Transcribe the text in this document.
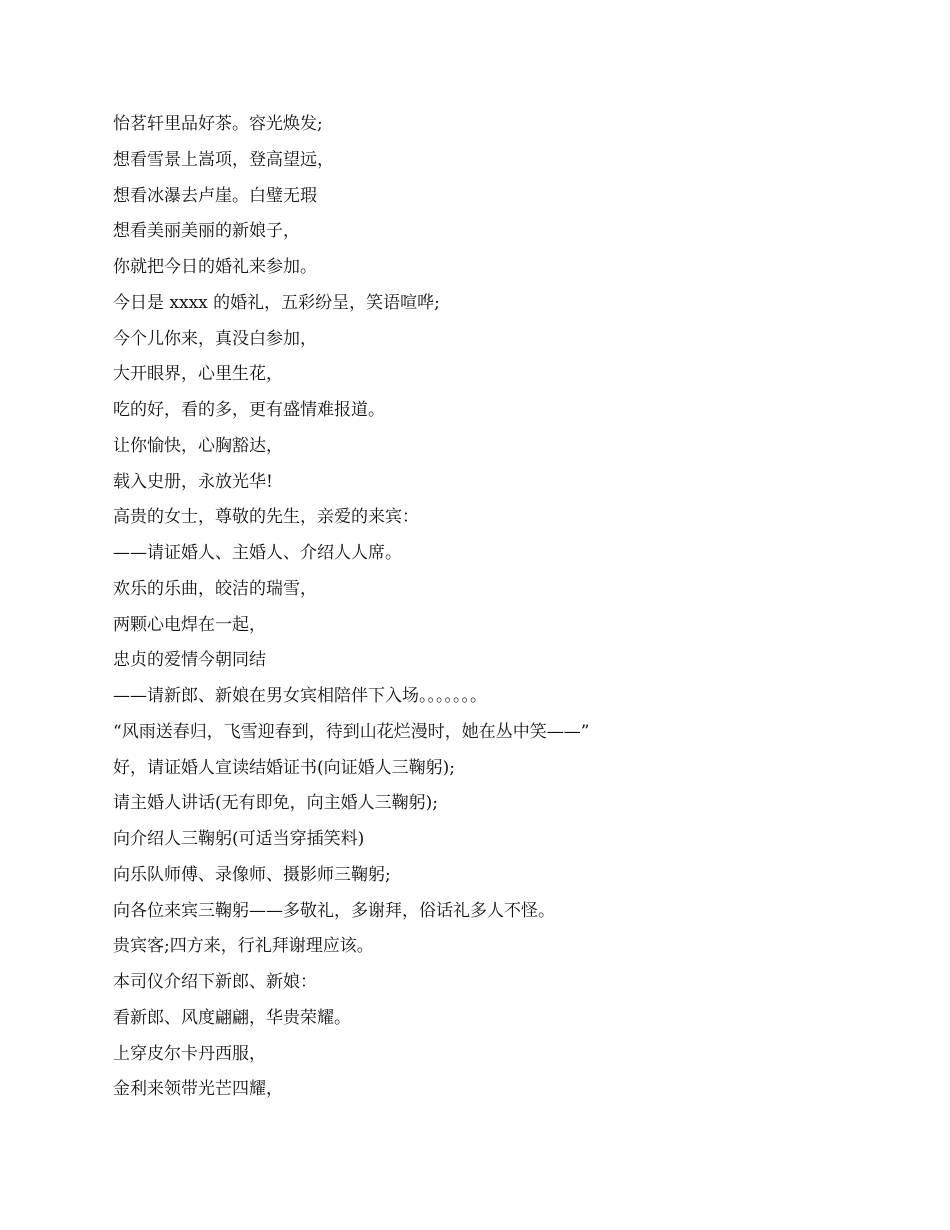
怡茗轩里品好茶。容光焕发;
想看雪景上嵩项，登高望远，
想看冰瀑去卢崖。白璧无瑕
想看美丽美丽的新娘子，
你就把今日的婚礼来参加。
今日是 xxxx 的婚礼，五彩纷呈，笑语喧哗;
今个儿你来，真没白参加，
大开眼界，心里生花，
吃的好，看的多，更有盛情难报道。
让你愉快，心胸豁达，
载入史册，永放光华!
高贵的女士，尊敬的先生，亲爱的来宾：
——请证婚人、主婚人、介绍人人席。
欢乐的乐曲，皎洁的瑞雪，
两颗心电焊在一起，
忠贞的爱情今朝同结
——请新郎、新娘在男女宾相陪伴下入场。。。。。。。
“风雨送春归，飞雪迎春到，待到山花烂漫时，她在丛中笑——”
好，请证婚人宣读结婚证书(向证婚人三鞠躬);
请主婚人讲话(无有即免，向主婚人三鞠躬);
向介绍人三鞠躬(可适当穿插笑料)
向乐队师傅、录像师、摄影师三鞠躬;
向各位来宾三鞠躬——多敬礼，多谢拜，俗话礼多人不怪。
贵宾客;四方来，行礼拜谢理应该。
本司仪介绍下新郎、新娘：
看新郎、风度翩翩，华贵荣耀。
上穿皮尔卡丹西服，
金利来领带光芒四耀，
